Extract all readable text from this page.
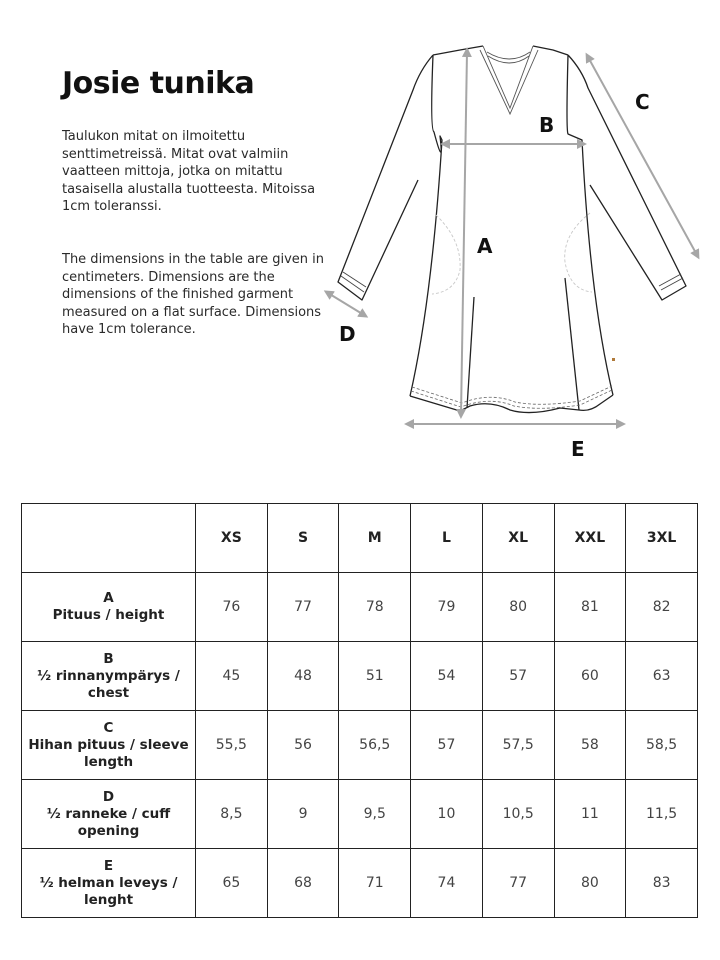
Josie tunika

Taulukon mitat on ilmoitettu senttimetreissä. Mitat ovat valmiin vaatteen mittoja, jotka on mitattu tasaisella alustalla tuotteesta. Mitoissa 1cm toleranssi.

The dimensions in the table are given in centimeters. Dimensions are the dimensions of the finished garment measured on a flat surface. Dimensions have 1cm tolerance.

A
B
C
D
E
	XS	S	M	L	XL	XXL	3XL

A
Pituus / height	76	77	78	79	80	81	82

B
½ rinnanympärys / chest	45	48	51	54	57	60	63

C
Hihan pituus / sleeve length	55,5	56	56,5	57	57,5	58	58,5

D
½ ranneke / cuff opening	8,5	9	9,5	10	10,5	11	11,5

E
½ helman leveys / lenght	65	68	71	74	77	80	83
